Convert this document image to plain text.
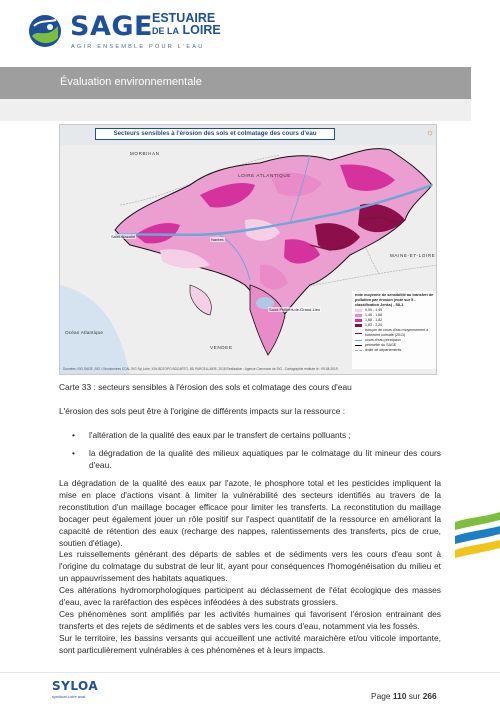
SAGE ESTUAIRE
DE LA LOIRE
AGIR ENSEMBLE POUR L'EAU
Évaluation environnementale
Secteurs sensibles à l'érosion des sols et colmatage des cours d'eau	☼
MORBIHAN
LOIRE ATLANTIQUE
MAINE-ET-LOIRE
VENDEE
Océan Atlantique
Saint-Nazaire
Nantes
Saint-Philbert-de-Grand-Lieu
Données: SIG SAGE, SIG / Géodonnées CCAL SIG Syl Loire, IGN BDTOPO BDCARTO, BD PARCELLAIRE, 2018 Réalisation : Agence Commune de SIG - Cartographie réalisée le : 09-08-2019
note moyenne de sensibilité au transfert de pollution par érosion (note sur 5 - classification Jenks) - SIL1
0,00 - 1,45
1,46 - 1,66
1,68 - 1,82
1,83 - 2,20
tronçon de cours d'eau moyennement à fortement colmaté (2013)
cours d'eau principaux
périmètre du SAGE
limite de départements
Carte 33 : secteurs sensibles à l'érosion des sols et colmatage des cours d'eau
L'érosion des sols peut être à l'origine de différents impacts sur la ressource :
• l'altération de la qualité des eaux par le transfert de certains polluants ;
• la dégradation de la qualité des milieux aquatiques par le colmatage du lit mineur des cours d'eau.

La dégradation de la qualité des eaux par l'azote, le phosphore total et les pesticides impliquent la mise en place d'actions visant à limiter la vulnérabilité des secteurs identifiés au travers de la reconstitution d'un maillage bocager efficace pour limiter les transferts. La reconstitution du maillage bocager peut également jouer un rôle positif sur l'aspect quantitatif de la ressource en améliorant la capacité de rétention des eaux (recharge des nappes, ralentissements des transferts, pics de crue, soutien d'étiage).

Les ruissellements générant des départs de sables et de sédiments vers les cours d'eau sont à l'origine du colmatage du substrat de leur lit, ayant pour conséquences l'homogénéisation du milieu et un appauvrissement des habitats aquatiques.

Ces altérations hydromorphologiques participent au déclassement de l'état écologique des masses d'eau, avec la raréfaction des espèces inféodées à des substrats grossiers.

Ces phénomènes sont amplifiés par les activités humaines qui favorisent l'érosion entrainant des transferts et des rejets de sédiments et de sables vers les cours d'eau, notamment via les fossés.

Sur le territoire, les bassins versants qui accueillent une activité maraichère et/ou viticole importante, sont particulièrement vulnérables à ces phénomènes et à leurs impacts.

SYLOA
syndicat Loire aval	Page 110 sur 266
